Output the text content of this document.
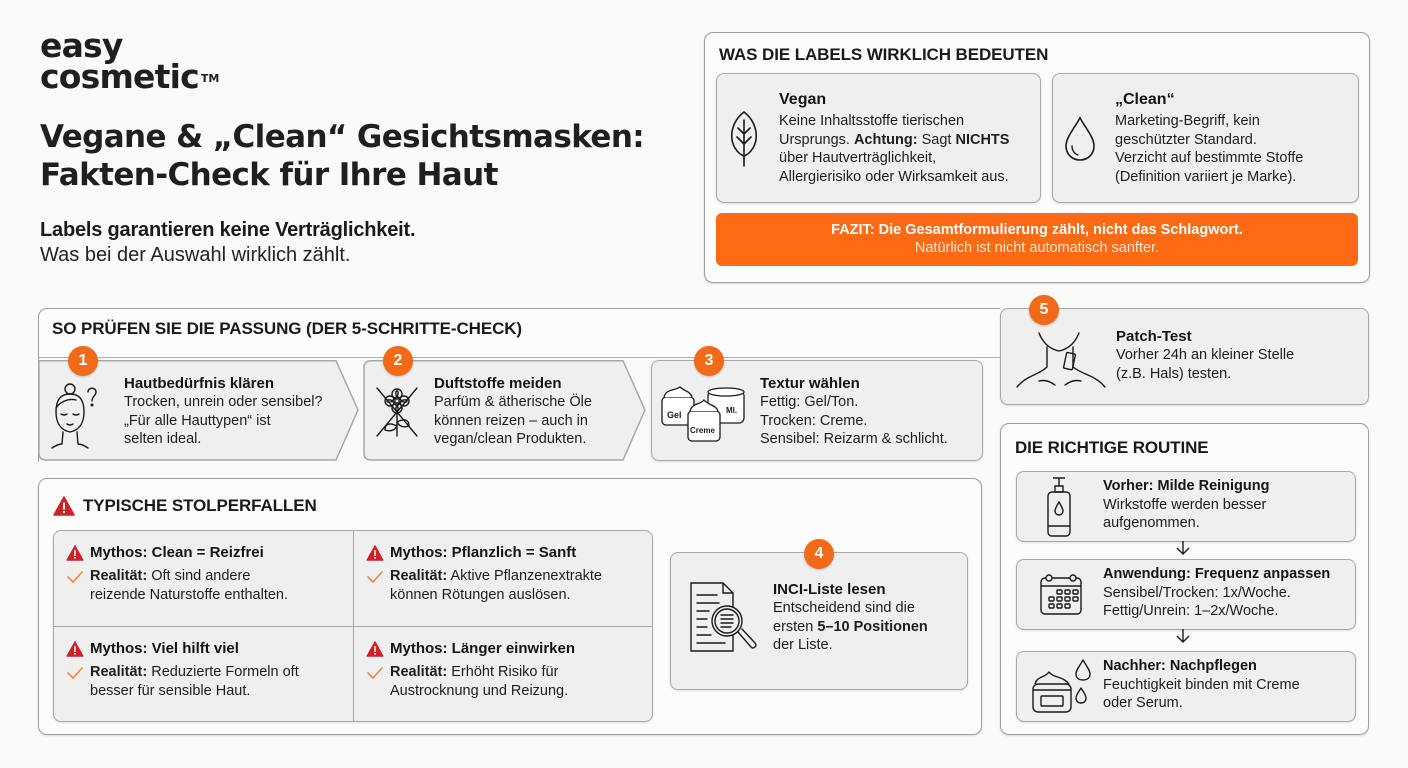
easy
cosmetic ™
Vegane & „Clean“ Gesichtsmasken:
Fakten-Check für Ihre Haut
Labels garantieren keine Verträglichkeit.
Was bei der Auswahl wirklich zählt.
WAS DIE LABELS WIRKLICH BEDEUTEN
Vegan
Keine Inhaltsstoffe tierischen
Ursprungs. Achtung: Sagt NICHTS
über Hautverträglichkeit,
Allergierisiko oder Wirksamkeit aus.
„Clean“
Marketing-Begriff, kein
geschützter Standard.
Verzicht auf bestimmte Stoffe
(Definition variiert je Marke).
FAZIT: Die Gesamtformulierung zählt, nicht das Schlagwort.
Natürlich ist nicht automatisch sanfter.
SO PRÜFEN SIE DIE PASSUNG (DER 5-SCHRITTE-CHECK)
1
Hautbedürfnis klären
Trocken, unrein oder sensibel?
„Für alle Hauttypen“ ist
selten ideal.
2
Duftstoffe meiden
Parfüm & ätherische Öle
können reizen – auch in
vegan/clean Produkten.
Gel
Creme
Ml.
3
Textur wählen
Fettig: Gel/Ton.
Trocken: Creme.
Sensibel: Reizarm & schlicht.
5
Patch-Test
Vorher 24h an kleiner Stelle
(z.B. Hals) testen.
TYPISCHE STOLPERFALLEN
Mythos: Clean = Reizfrei
Realität: Oft sind andere
reizende Naturstoffe enthalten.
Mythos: Pflanzlich = Sanft
Realität: Aktive Pflanzenextrakte
können Rötungen auslösen.
Mythos: Viel hilft viel
Realität: Reduzierte Formeln oft
besser für sensible Haut.
Mythos: Länger einwirken
Realität: Erhöht Risiko für
Austrocknung und Reizung.
4
INCI-Liste lesen
Entscheidend sind die
ersten 5–10 Positionen
der Liste.
DIE RICHTIGE ROUTINE
Vorher: Milde Reinigung
Wirkstoffe werden besser
aufgenommen.
Anwendung: Frequenz anpassen
Sensibel/Trocken: 1x/Woche.
Fettig/Unrein: 1–2x/Woche.
Nachher: Nachpflegen
Feuchtigkeit binden mit Creme
oder Serum.
